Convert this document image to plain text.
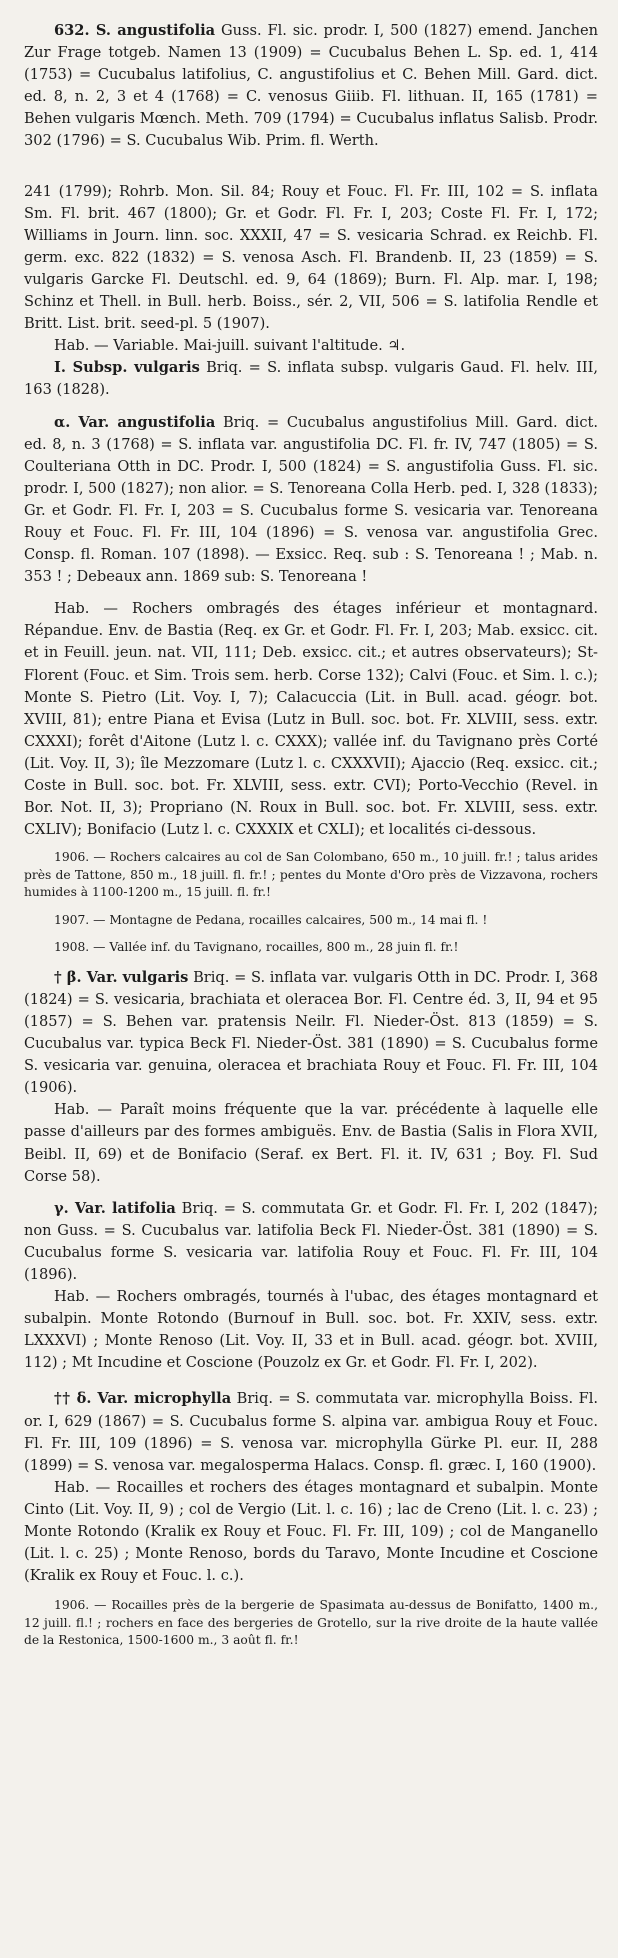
632. S. angustifolia Guss. Fl. sic. prodr. I, 500 (1827) emend. Janchen Zur Frage totgeb. Namen 13 (1909) = Cucubalus Behen L. Sp. ed. 1, 414 (1753) = Cucubalus latifolius, C. angustifolius et C. Behen Mill. Gard. dict. ed. 8, n. 2, 3 et 4 (1768) = C. venosus Giiib. Fl. lithuan. II, 165 (1781) = Behen vulgaris Mœnch. Meth. 709 (1794) = Cucubalus inflatus Salisb. Prodr. 302 (1796) = S. Cucubalus Wib. Prim. fl. Werth.

241 (1799); Rohrb. Mon. Sil. 84; Rouy et Fouc. Fl. Fr. III, 102 = S. inflata Sm. Fl. brit. 467 (1800); Gr. et Godr. Fl. Fr. I, 203; Coste Fl. Fr. I, 172; Williams in Journ. linn. soc. XXXII, 47 = S. vesicaria Schrad. ex Reichb. Fl. germ. exc. 822 (1832) = S. venosa Asch. Fl. Brandenb. II, 23 (1859) = S. vulgaris Garcke Fl. Deutschl. ed. 9, 64 (1869); Burn. Fl. Alp. mar. I, 198; Schinz et Thell. in Bull. herb. Boiss., sér. 2, VII, 506 = S. latifolia Rendle et Britt. List. brit. seed-pl. 5 (1907).

Hab. — Variable. Mai-juill. suivant l'altitude. ♃.

I. Subsp. vulgaris Briq. = S. inflata subsp. vulgaris Gaud. Fl. helv. III, 163 (1828).

α. Var. angustifolia Briq. = Cucubalus angustifolius Mill. Gard. dict. ed. 8, n. 3 (1768) = S. inflata var. angustifolia DC. Fl. fr. IV, 747 (1805) = S. Coulteriana Otth in DC. Prodr. I, 500 (1824) = S. angustifolia Guss. Fl. sic. prodr. I, 500 (1827); non alior. = S. Tenoreana Colla Herb. ped. I, 328 (1833); Gr. et Godr. Fl. Fr. I, 203 = S. Cucubalus forme S. vesicaria var. Tenoreana Rouy et Fouc. Fl. Fr. III, 104 (1896) = S. venosa var. angustifolia Grec. Consp. fl. Roman. 107 (1898). — Exsicc. Req. sub : S. Tenoreana ! ; Mab. n. 353 ! ; Debeaux ann. 1869 sub: S. Tenoreana !

Hab. — Rochers ombragés des étages inférieur et montagnard. Répandue. Env. de Bastia (Req. ex Gr. et Godr. Fl. Fr. I, 203; Mab. exsicc. cit. et in Feuill. jeun. nat. VII, 111; Deb. exsicc. cit.; et autres observateurs); St-Florent (Fouc. et Sim. Trois sem. herb. Corse 132); Calvi (Fouc. et Sim. l. c.); Monte S. Pietro (Lit. Voy. I, 7); Calacuccia (Lit. in Bull. acad. géogr. bot. XVIII, 81); entre Piana et Evisa (Lutz in Bull. soc. bot. Fr. XLVIII, sess. extr. CXXXI); forêt d'Aitone (Lutz l. c. CXXX); vallée inf. du Tavignano près Corté (Lit. Voy. II, 3); île Mezzomare (Lutz l. c. CXXXVII); Ajaccio (Req. exsicc. cit.; Coste in Bull. soc. bot. Fr. XLVIII, sess. extr. CVI); Porto-Vecchio (Revel. in Bor. Not. II, 3); Propriano (N. Roux in Bull. soc. bot. Fr. XLVIII, sess. extr. CXLIV); Bonifacio (Lutz l. c. CXXXIX et CXLI); et localités ci-dessous.

1906. — Rochers calcaires au col de San Colombano, 650 m., 10 juill. fr.! ; talus arides près de Tattone, 850 m., 18 juill. fl. fr.! ; pentes du Monte d'Oro près de Vizzavona, rochers humides à 1100-1200 m., 15 juill. fl. fr.!

1907. — Montagne de Pedana, rocailles calcaires, 500 m., 14 mai fl. !

1908. — Vallée inf. du Tavignano, rocailles, 800 m., 28 juin fl. fr.!

† β. Var. vulgaris Briq. = S. inflata var. vulgaris Otth in DC. Prodr. I, 368 (1824) = S. vesicaria, brachiata et oleracea Bor. Fl. Centre éd. 3, II, 94 et 95 (1857) = S. Behen var. pratensis Neilr. Fl. Nieder-Öst. 813 (1859) = S. Cucubalus var. typica Beck Fl. Nieder-Öst. 381 (1890) = S. Cucubalus forme S. vesicaria var. genuina, oleracea et brachiata Rouy et Fouc. Fl. Fr. III, 104 (1906).

Hab. — Paraît moins fréquente que la var. précédente à laquelle elle passe d'ailleurs par des formes ambiguës. Env. de Bastia (Salis in Flora XVII, Beibl. II, 69) et de Bonifacio (Seraf. ex Bert. Fl. it. IV, 631 ; Boy. Fl. Sud Corse 58).

γ. Var. latifolia Briq. = S. commutata Gr. et Godr. Fl. Fr. I, 202 (1847); non Guss. = S. Cucubalus var. latifolia Beck Fl. Nieder-Öst. 381 (1890) = S. Cucubalus forme S. vesicaria var. latifolia Rouy et Fouc. Fl. Fr. III, 104 (1896).

Hab. — Rochers ombragés, tournés à l'ubac, des étages montagnard et subalpin. Monte Rotondo (Burnouf in Bull. soc. bot. Fr. XXIV, sess. extr. LXXXVI) ; Monte Renoso (Lit. Voy. II, 33 et in Bull. acad. géogr. bot. XVIII, 112) ; Mt Incudine et Coscione (Pouzolz ex Gr. et Godr. Fl. Fr. I, 202).

†† δ. Var. microphylla Briq. = S. commutata var. microphylla Boiss. Fl. or. I, 629 (1867) = S. Cucubalus forme S. alpina var. ambigua Rouy et Fouc. Fl. Fr. III, 109 (1896) = S. venosa var. microphylla Gürke Pl. eur. II, 288 (1899) = S. venosa var. megalosperma Halacs. Consp. fl. græc. I, 160 (1900).

Hab. — Rocailles et rochers des étages montagnard et subalpin. Monte Cinto (Lit. Voy. II, 9) ; col de Vergio (Lit. l. c. 16) ; lac de Creno (Lit. l. c. 23) ; Monte Rotondo (Kralik ex Rouy et Fouc. Fl. Fr. III, 109) ; col de Manganello (Lit. l. c. 25) ; Monte Renoso, bords du Taravo, Monte Incudine et Coscione (Kralik ex Rouy et Fouc. l. c.).

1906. — Rocailles près de la bergerie de Spasimata au-dessus de Bonifatto, 1400 m., 12 juill. fl.! ; rochers en face des bergeries de Grotello, sur la rive droite de la haute vallée de la Restonica, 1500-1600 m., 3 août fl. fr.!
